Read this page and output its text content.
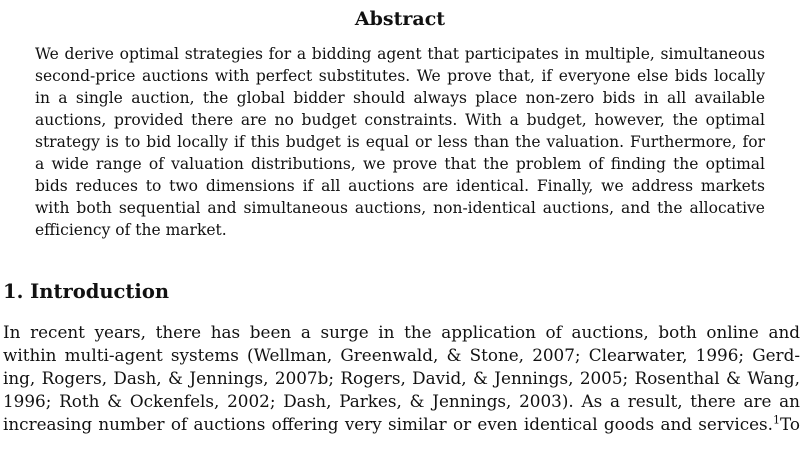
Abstract
We derive optimal strategies for a bidding agent that participates in multiple, simultaneous
second-price auctions with perfect substitutes. We prove that, if everyone else bids locally
in a single auction, the global bidder should always place non-zero bids in all available
auctions, provided there are no budget constraints. With a budget, however, the optimal
strategy is to bid locally if this budget is equal or less than the valuation. Furthermore, for
a wide range of valuation distributions, we prove that the problem of finding the optimal
bids reduces to two dimensions if all auctions are identical. Finally, we address markets
with both sequential and simultaneous auctions, non-identical auctions, and the allocative
efficiency of the market.
1. Introduction
In recent years, there has been a surge in the application of auctions, both online and
within multi-agent systems (Wellman, Greenwald, & Stone, 2007; Clearwater, 1996; Gerd-
ing, Rogers, Dash, & Jennings, 2007b; Rogers, David, & Jennings, 2005; Rosenthal & Wang,
1996; Roth & Ockenfels, 2002; Dash, Parkes, & Jennings, 2003). As a result, there are an
increasing number of auctions offering very similar or even identical goods and services.$^1$To
